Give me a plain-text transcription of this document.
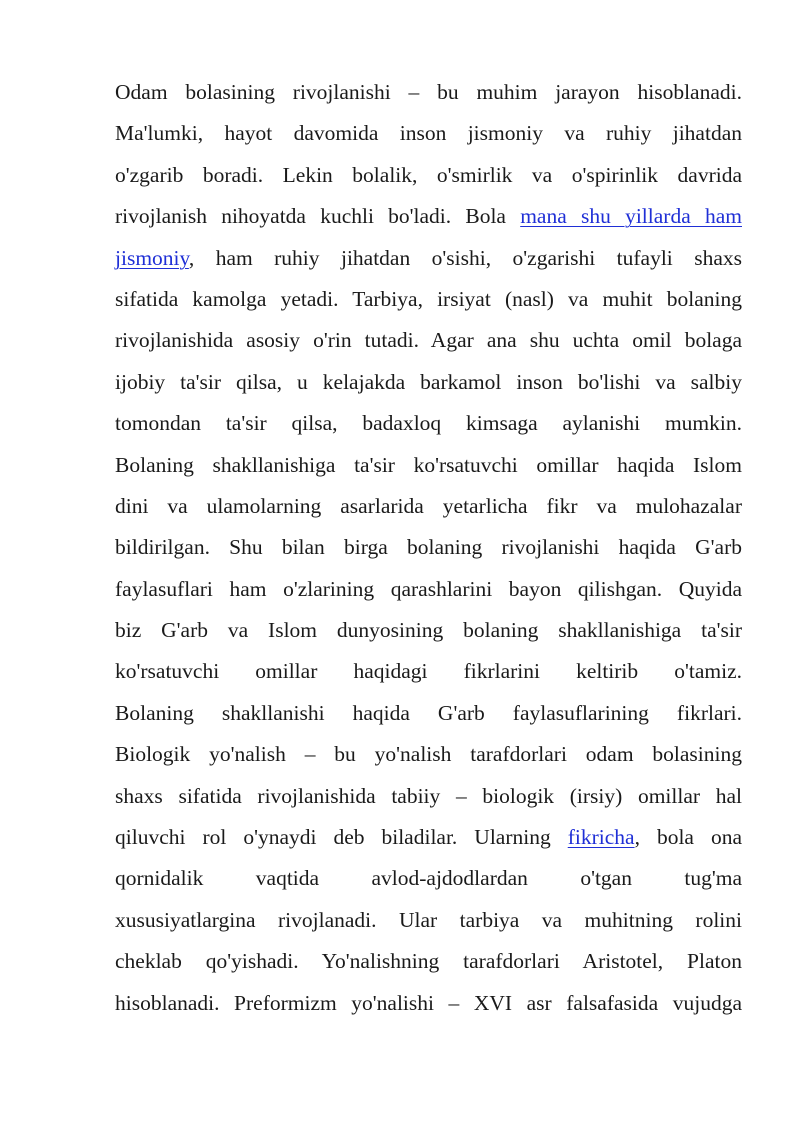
Odam bolasining rivojlanishi – bu muhim jarayon hisoblanadi.
Ma'lumki, hayot davomida inson jismoniy va ruhiy jihatdan
o'zgarib boradi. Lekin bolalik, o'smirlik va o'spirinlik davrida
rivojlanish nihoyatda kuchli bo'ladi. Bola mana shu yillarda ham
jismoniy, ham ruhiy jihatdan o'sishi, o'zgarishi tufayli shaxs
sifatida kamolga yetadi. Tarbiya, irsiyat (nasl) va muhit bolaning
rivojlanishida asosiy o'rin tutadi. Agar ana shu uchta omil bolaga
ijobiy ta'sir qilsa, u kelajakda barkamol inson bo'lishi va salbiy
tomondan ta'sir qilsa, badaxloq kimsaga aylanishi mumkin.
Bolaning shakllanishiga ta'sir ko'rsatuvchi omillar haqida Islom
dini va ulamolarning asarlarida yetarlicha fikr va mulohazalar
bildirilgan. Shu bilan birga bolaning rivojlanishi haqida G'arb
faylasuflari ham o'zlarining qarashlarini bayon qilishgan. Quyida
biz G'arb va Islom dunyosining bolaning shakllanishiga ta'sir
ko'rsatuvchi omillar haqidagi fikrlarini keltirib o'tamiz.
Bolaning shakllanishi haqida G'arb faylasuflarining fikrlari.
Biologik yo'nalish – bu yo'nalish tarafdorlari odam bolasining
shaxs sifatida rivojlanishida tabiiy – biologik (irsiy) omillar hal
qiluvchi rol o'ynaydi deb biladilar. Ularning fikricha, bola ona
qornidalik vaqtida avlod-ajdodlardan o'tgan tug'ma
xususiyatlargina rivojlanadi. Ular tarbiya va muhitning rolini
cheklab qo'yishadi. Yo'nalishning tarafdorlari Aristotel, Platon
hisoblanadi. Preformizm yo'nalishi – XVI asr falsafasida vujudga
